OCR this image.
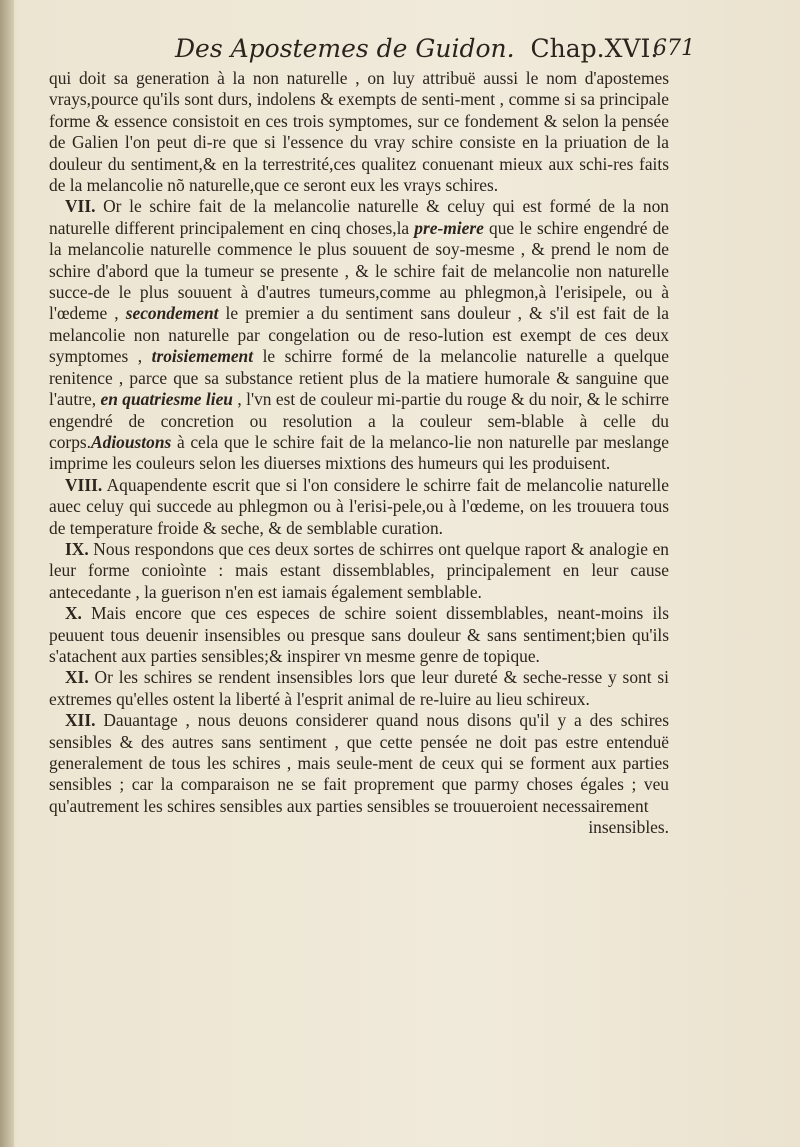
Des Apostemes de Guidon. Chap.XVI.
671

qui doit sa generation à la non naturelle , on luy attribuë aussi le nom d'apostemes vrays,pource qu'ils sont durs, indolens & exempts de senti-ment , comme si sa principale forme & essence consistoit en ces trois symptomes, sur ce fondement & selon la pensée de Galien l'on peut di-re que si l'essence du vray schire consiste en la priuation de la douleur du sentiment,& en la terrestrité,ces qualitez conuenant mieux aux schi-res faits de la melancolie nõ naturelle,que ce seront eux les vrays schires.

VII. Or le schire fait de la melancolie naturelle & celuy qui est formé de la non naturelle different principalement en cinq choses,la pre-miere que le schire engendré de la melancolie naturelle commence le plus souuent de soy-mesme , & prend le nom de schire d'abord que la tumeur se presente , & le schire fait de melancolie non naturelle succe-de le plus souuent à d'autres tumeurs,comme au phlegmon,à l'erisipele, ou à l'œdeme , secondement le premier a du sentiment sans douleur , & s'il est fait de la melancolie non naturelle par congelation ou de reso-lution est exempt de ces deux symptomes , troisiemement le schirre formé de la melancolie naturelle a quelque renitence , parce que sa substance retient plus de la matiere humorale & sanguine que l'autre, en quatriesme lieu , l'vn est de couleur mi-partie du rouge & du noir, & le schirre engendré de concretion ou resolution a la couleur sem-blable à celle du corps.Adioustons à cela que le schire fait de la melanco-lie non naturelle par meslange imprime les couleurs selon les diuerses mixtions des humeurs qui les produisent.

VIII. Aquapendente escrit que si l'on considere le schirre fait de melancolie naturelle auec celuy qui succede au phlegmon ou à l'erisi-pele,ou à l'œdeme, on les trouuera tous de temperature froide & seche, & de semblable curation.

IX. Nous respondons que ces deux sortes de schirres ont quelque raport & analogie en leur forme conioìnte : mais estant dissemblables, principalement en leur cause antecedante , la guerison n'en est iamais également semblable.

X. Mais encore que ces especes de schire soient dissemblables, neant-moins ils peuuent tous deuenir insensibles ou presque sans douleur & sans sentiment;bien qu'ils s'atachent aux parties sensibles;& inspirer vn mesme genre de topique.

XI. Or les schires se rendent insensibles lors que leur dureté & seche-resse y sont si extremes qu'elles ostent la liberté à l'esprit animal de re-luire au lieu schireux.

XII. Dauantage , nous deuons considerer quand nous disons qu'il y a des schires sensibles & des autres sans sentiment , que cette pensée ne doit pas estre entenduë generalement de tous les schires , mais seule-ment de ceux qui se forment aux parties sensibles ; car la comparaison ne se fait proprement que parmy choses égales ; veu qu'autrement les schires sensibles aux parties sensibles se trouueroient necessairement

insensibles.
